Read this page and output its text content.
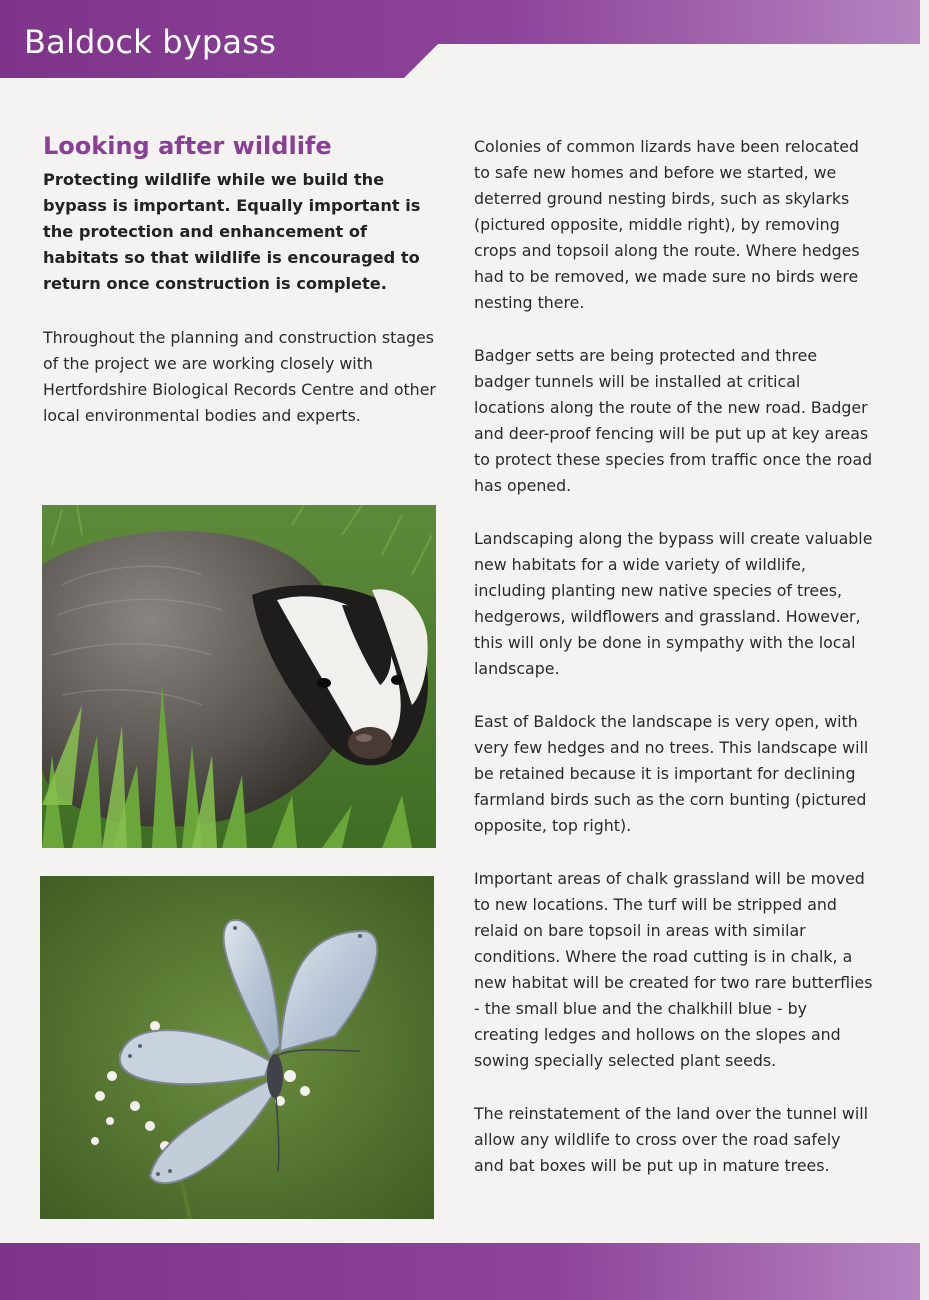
Baldock bypass
Looking after wildlife
Protecting wildlife while we build the bypass is important. Equally important is the protection and enhancement of habitats so that wildlife is encouraged to return once construction is complete.
Throughout the planning and construction stages of the project we are working closely with Hertfordshire Biological Records Centre and other local environmental bodies and experts.
Colonies of common lizards have been relocated to safe new homes and before we started, we deterred ground nesting birds, such as skylarks (pictured opposite, middle right), by removing crops and topsoil along the route. Where hedges had to be removed, we made sure no birds were nesting there.
Badger setts are being protected and three badger tunnels will be installed at critical locations along the route of the new road. Badger and deer-proof fencing will be put up at key areas to protect these species from traffic once the road has opened.
Landscaping along the bypass will create valuable new habitats for a wide variety of wildlife, including planting new native species of trees, hedgerows, wildflowers and grassland. However, this will only be done in sympathy with the local landscape.
East of Baldock the landscape is very open, with very few hedges and no trees. This landscape will be retained because it is important for declining farmland birds such as the corn bunting (pictured opposite, top right).
Important areas of chalk grassland will be moved to new locations. The turf will be stripped and relaid on bare topsoil in areas with similar conditions. Where the road cutting is in chalk, a new habitat will be created for two rare butterflies - the small blue and the chalkhill blue - by creating ledges and hollows on the slopes and sowing specially selected plant seeds.
The reinstatement of the land over the tunnel will allow any wildlife to cross over the road safely and bat boxes will be put up in mature trees.
